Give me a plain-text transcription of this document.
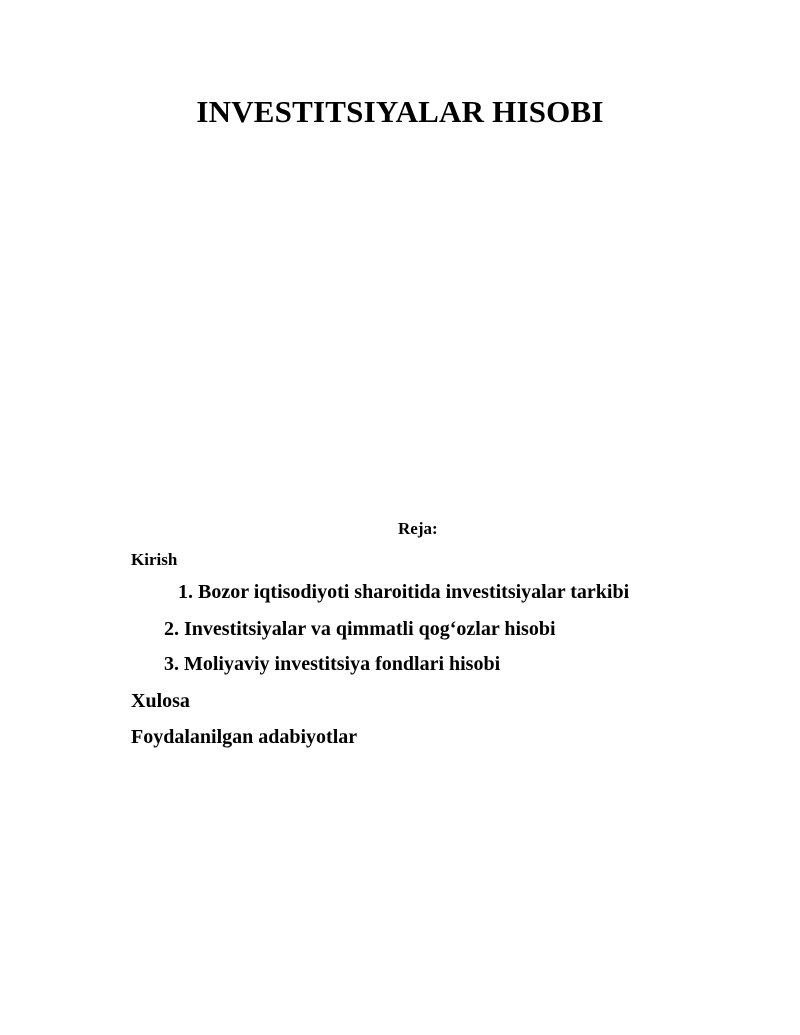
INVESTITSIYALAR HISOBI

Reja:

Kirish

1. Bozor iqtisodiyoti sharoitida investitsiyalar tarkibi

2. Investitsiyalar va qimmatli qog‘ozlar hisobi

3. Moliyaviy investitsiya fondlari hisobi

Xulosa

Foydalanilgan adabiyotlar
